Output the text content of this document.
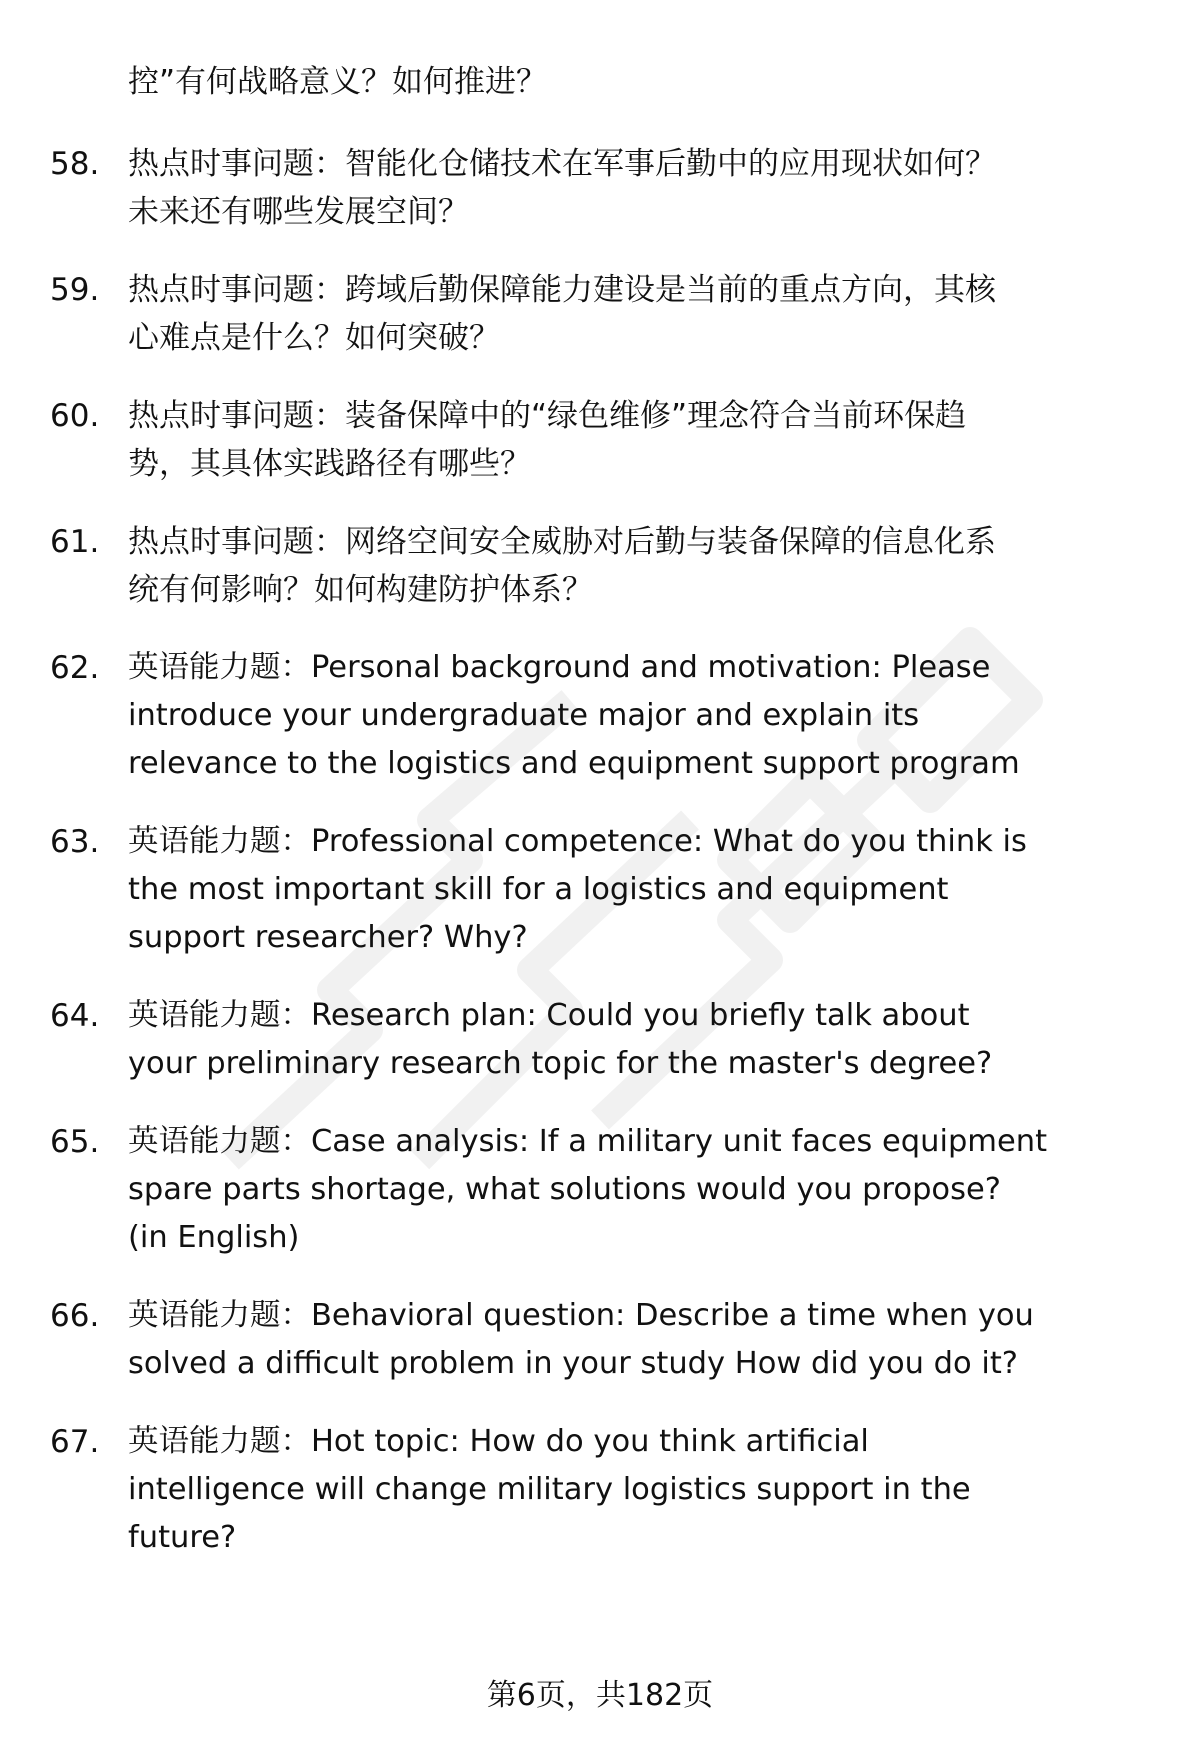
控”有何战略意义？如何推进？
58. 热点时事问题：智能化仓储技术在军事后勤中的应用现状如何？
未来还有哪些发展空间？
59. 热点时事问题：跨域后勤保障能力建设是当前的重点方向，其核
心难点是什么？如何突破？
60. 热点时事问题：装备保障中的“绿色维修”理念符合当前环保趋
势，其具体实践路径有哪些？
61. 热点时事问题：网络空间安全威胁对后勤与装备保障的信息化系
统有何影响？如何构建防护体系？
62. 英语能力题：Personal background and motivation: Please
introduce your undergraduate major and explain its
relevance to the logistics and equipment support program
63. 英语能力题：Professional competence: What do you think is
the most important skill for a logistics and equipment
support researcher? Why?
64. 英语能力题：Research plan: Could you briefly talk about
your preliminary research topic for the master's degree?
65. 英语能力题：Case analysis: If a military unit faces equipment
spare parts shortage, what solutions would you propose?
(in English)
66. 英语能力题：Behavioral question: Describe a time when you
solved a difficult problem in your study How did you do it?
67. 英语能力题：Hot topic: How do you think artificial
intelligence will change military logistics support in the
future?
第6页，共182页
